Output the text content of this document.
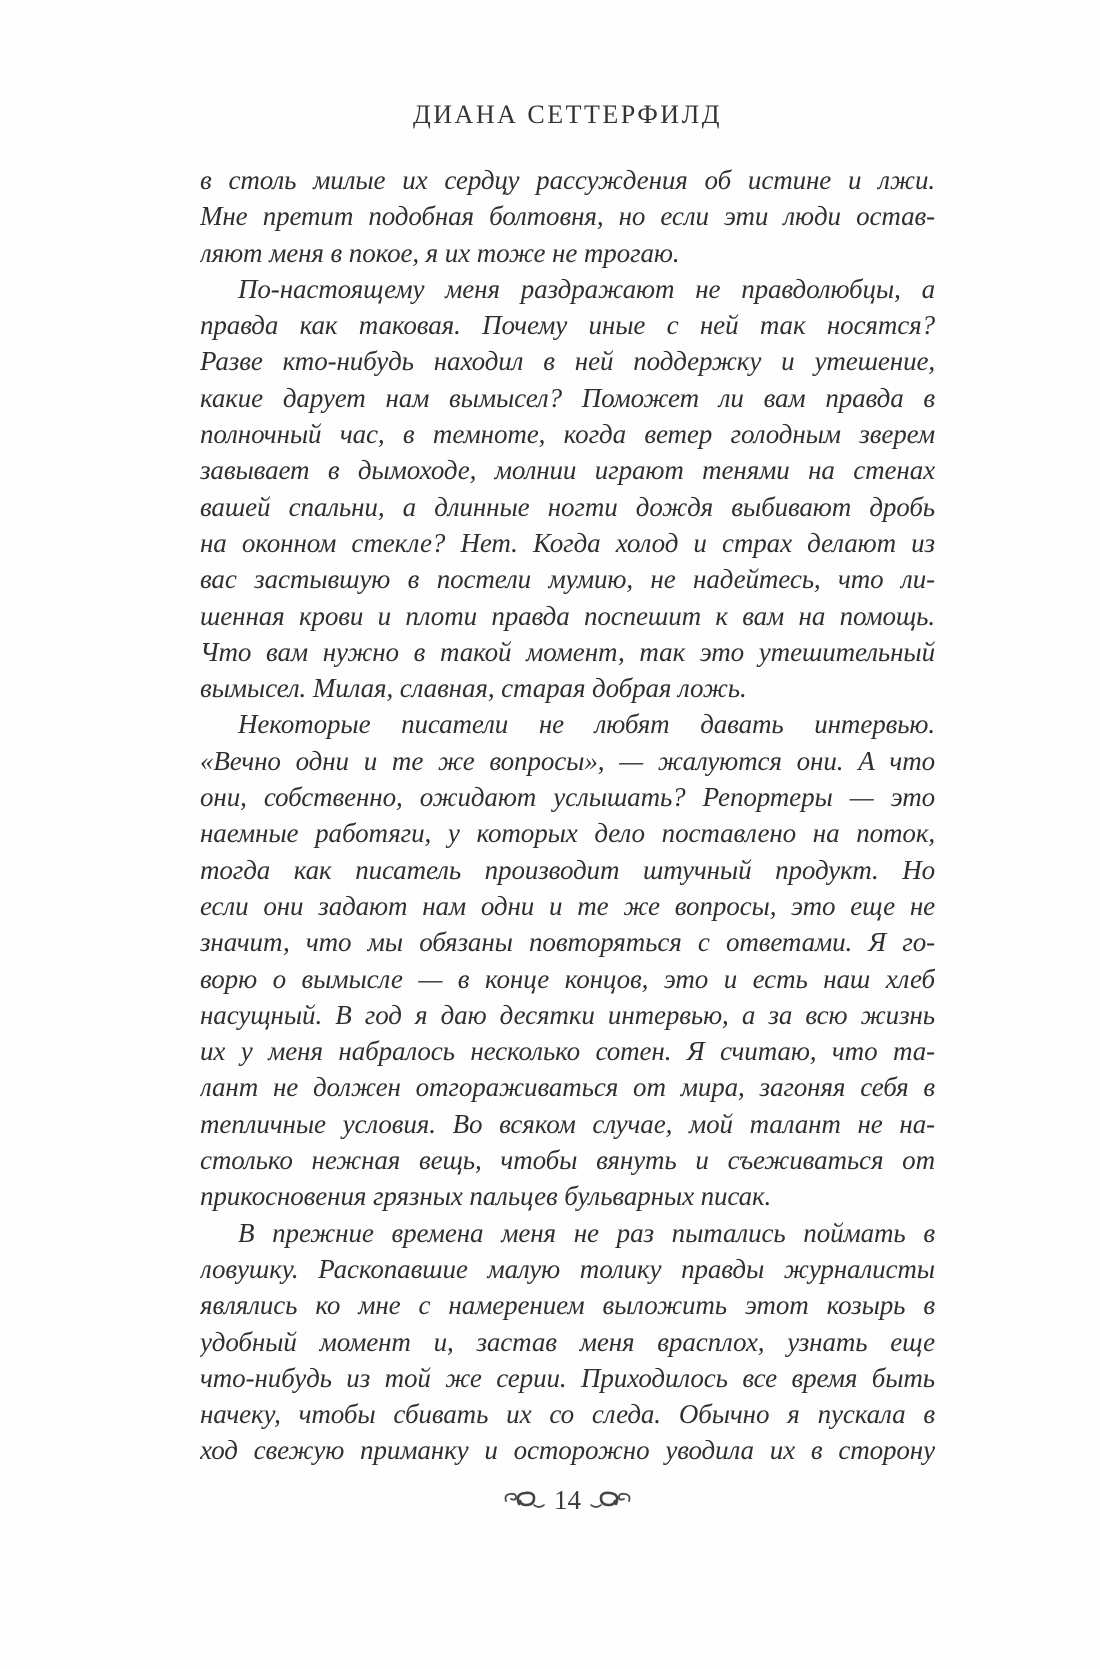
ДИАНА СЕТТЕРФИЛД
в столь милые их сердцу рассуждения об истине и лжи.
Мне претит подобная болтовня, но если эти люди остав-
ляют меня в покое, я их тоже не трогаю.
По-настоящему меня раздражают не правдолюбцы, а
правда как таковая. Почему иные с ней так носятся?
Разве кто-нибудь находил в ней поддержку и утешение,
какие дарует нам вымысел? Поможет ли вам правда в
полночный час, в темноте, когда ветер голодным зверем
завывает в дымоходе, молнии играют тенями на стенах
вашей спальни, а длинные ногти дождя выбивают дробь
на оконном стекле? Нет. Когда холод и страх делают из
вас застывшую в постели мумию, не надейтесь, что ли-
шенная крови и плоти правда поспешит к вам на помощь.
Что вам нужно в такой момент, так это утешительный
вымысел. Милая, славная, старая добрая ложь.
Некоторые писатели не любят давать интервью.
«Вечно одни и те же вопросы», — жалуются они. А что
они, собственно, ожидают услышать? Репортеры — это
наемные работяги, у которых дело поставлено на поток,
тогда как писатель производит штучный продукт. Но
если они задают нам одни и те же вопросы, это еще не
значит, что мы обязаны повторяться с ответами. Я го-
ворю о вымысле — в конце концов, это и есть наш хлеб
насущный. В год я даю десятки интервью, а за всю жизнь
их у меня набралось несколько сотен. Я считаю, что та-
лант не должен отгораживаться от мира, загоняя себя в
тепличные условия. Во всяком случае, мой талант не на-
столько нежная вещь, чтобы вянуть и съеживаться от
прикосновения грязных пальцев бульварных писак.
В прежние времена меня не раз пытались поймать в
ловушку. Раскопавшие малую толику правды журналисты
являлись ко мне с намерением выложить этот козырь в
удобный момент и, застав меня врасплох, узнать еще
что-нибудь из той же серии. Приходилось все время быть
начеку, чтобы сбивать их со следа. Обычно я пускала в
ход свежую приманку и осторожно уводила их в сторону
14
